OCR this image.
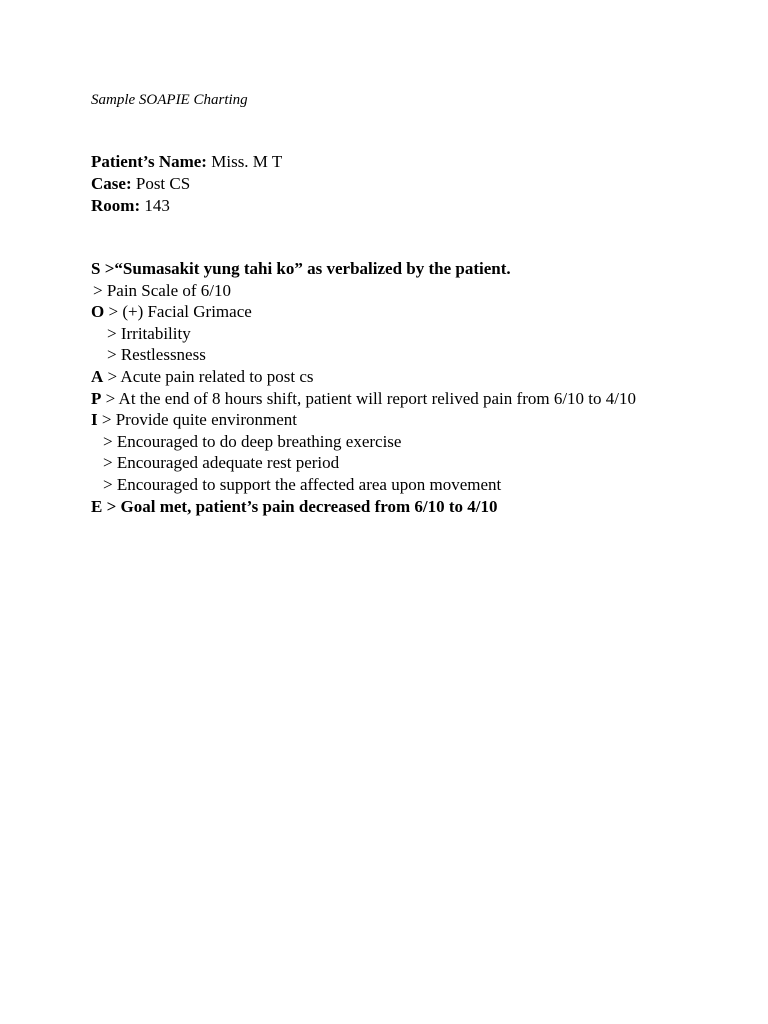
Sample SOAPIE Charting
Patient’s Name: Miss. M T
Case: Post CS
Room: 143
S >“Sumasakit yung tahi ko” as verbalized by the patient.
> Pain Scale of 6/10
O > (+) Facial Grimace
> Irritability
> Restlessness
A > Acute pain related to post cs
P > At the end of 8 hours shift, patient will report relived pain from 6/10 to 4/10
I > Provide quite environment
> Encouraged to do deep breathing exercise
> Encouraged adequate rest period
> Encouraged to support the affected area upon movement
E > Goal met, patient’s pain decreased from 6/10 to 4/10
